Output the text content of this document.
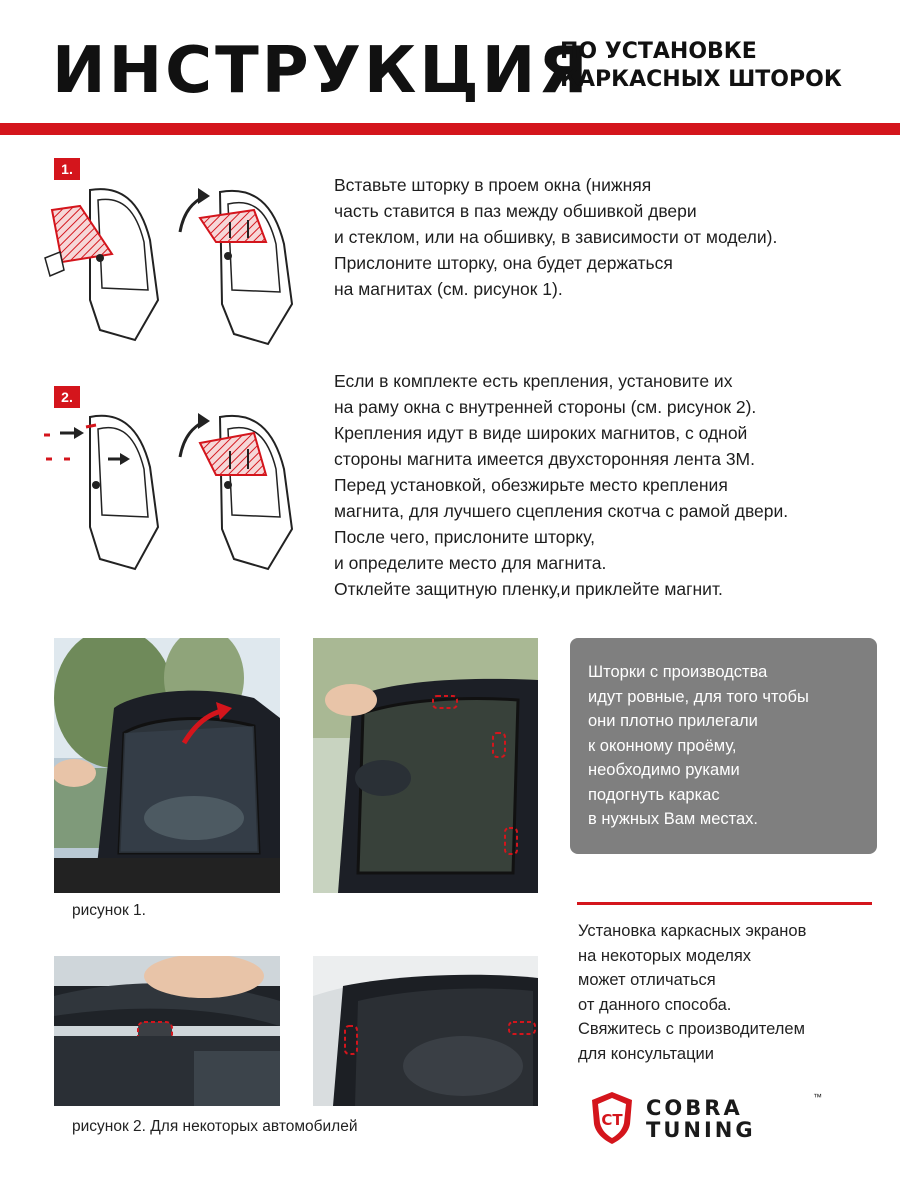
ИНСТРУКЦИЯ
ПО УСТАНОВКЕ
КАРКАСНЫХ ШТОРОК
1.
Вставьте шторку в проем окна (нижняя
часть ставится в паз между обшивкой двери
и стеклом, или на обшивку, в зависимости от модели).
Прислоните шторку, она будет держаться
на магнитах (см. рисунок 1).
2.
Если в комплекте есть крепления, установите их
на раму окна с внутренней стороны (см. рисунок 2).
Крепления идут в виде широких магнитов, с одной
стороны магнита имеется двухсторонняя лента 3М.
Перед установкой, обезжирьте место крепления
магнита, для лучшего сцепления скотча с рамой двери.
После чего, прислоните шторку,
и определите место для магнита.
Отклейте защитную пленку,и приклейте магнит.
Шторки с производства
идут ровные, для того чтобы
они плотно прилегали
к оконному проёму,
необходимо руками
подогнуть каркас
в нужных Вам местах.
рисунок 1.
рисунок 2. Для некоторых автомобилей
Установка каркасных экранов
на некоторых моделях
может отличаться
от данного способа.
Свяжитесь с производителем
для консультации
CT COBRA
TUNING
™
